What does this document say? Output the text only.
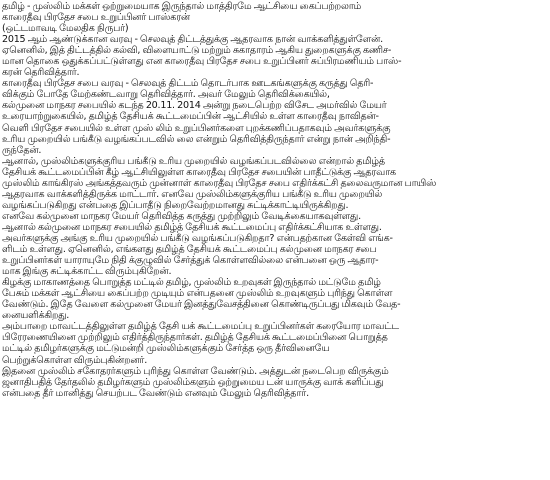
தமிழ் - முஸ்லிம் மக்கள் ஒற்றுமையாக இருந்தால் மாத்திரமே ஆட்சியை கைப்பற்றலாம்
காரைதீவு பிரதேச சபை உறுப்பினர் பாஸ்கரன்
(ஒட்டமாவடி மேலதிக நிருபர்)
2015 ஆம் ஆண்டுக்கான வரவு - செலவுத் திட்டத்துக்கு ஆதரவாக நான் வாக்களித்துள்ளேன்.
ஏனெனில், இத் திட்டத்தில் கல்வி, விளையாட்டு மற்றும் சுகாதாரம் ஆகிய துறைகளுக்கு கணிச-
மான தொகை ஒதுக்கப்பட்டுள்ளது என காரைதீவு பிரதேச சபை உறுப்பினர் சுப்பிரமணியம் பாஸ்-
கரன் தெரிவித்தார்.
காரைதீவு பிரதேச சபை வரவு - செலவுத் திட்டம் தொடர்பாக ஊடகங்களுக்கு கருத்து தெரி-
விக்கும் போதே மேற்கண்டவாறு தெரிவித்தார். அவர் மேலும் தெரிவிக்கையில்,
கல்முனை மாநகர சபையில் கடந்த 20.11. 2014 அன்று நடைபெற்ற விசேட அமர்வில் மேயர்
உரையாற்றுகையில், தமிழ்த் தேசியக் கூட்டமைப்பின் ஆட்சியில் உள்ள காரைதீவு நாவிதன்-
வெளி பிரதேச சபையில் உள்ள முஸ் லிம் உறுப்பினர்களை புறக்கணிப்பதாகவும் அவர்களுக்கு
உரிய முறையில் பங்கீடு வழங்கப்படவில் லை என்றும் தெரிவித்திருந்தார் என்று நான் அறிந்தி-
ருந்தேன்.
ஆனால், முஸ்லிம்களுக்குரிய பங்கீடு உரிய முறையில் வழங்கப்படவில்லை என்றால் தமிழ்த்
தேசியக் கூட்டமைப்பின் கீழ் ஆட்சியிலுள்ள காரைதீவு பிரதேச சபையின் பாதீட்டுக்கு ஆதரவாக
முஸ்லிம் காங்கிரஸ் அங்கத்தவரும் முன்னாள் காரைதீவு பிரதேச சபை எதிர்க்கட்சி தலைவருமான பாயிஸ்
ஆதரவாக வாக்களித்திருக்க மாட்டார். எனவே முஸ்லிம்களுக்குரிய பங்கீடு உரிய முறையில்
வழங்கப்படுகிறது என்பதை இப்பாதீடு நிறைவேற்றமானது சுட்டிக்காட்டியிருக்கிறது.
எனவே கல்முனை மாநகர மேயர் தெரிவித்த கருத்து முற்றிலும் வேடிக்கையாகவுள்ளது.
ஆனால் கல்முனை மாநகர சபையில் தமிழ்த் தேசியக் கூட்டமைப்பு எதிர்க்கட்சியாக உள்ளது.
அவர்களுக்கு அங்கு உரிய முறையில் பங்கீடு வழங்கப்படுகிறதா? என்பதற்கான கேள்வி எங்க-
ளிடம் உள்ளது. ஏனெனில், எங்களது தமிழ்த் தேசியக் கூட்டமைப்பு கல்முனை மாநகர சபை
உறுப்பினர்கள் யாராயுமே நிதி க்குழுவில் சேர்த்துக் கொள்ளவில்லை என்பனை ஒரு ஆதார-
மாக இங்கு சுட்டிக்காட்ட விரும்புகிறேன்.
கிழக்கு மாகாணத்தை பொறுத்த மட்டில் தமிழ், முஸ்லிம் உறவுகள் இருந்தால் மட்டுமே தமிழ்
பேசும் மக்கள் ஆட்சியை கைப்பற்ற முடியும் என்பதனை முஸ்லிம் உறவுகளும் புரிந்து கொள்ள
வேண்டும். இதே வேளை கல்முனை மேயர் இனத்துவேசத்தினை கொண்டிருப்பது மிகவும் வேத-
னையளிக்கிறது.
அம்பாறை மாவட்டத்திலுள்ள தமிழ்த் தேசி யக் கூட்டமைப்பு உறுப்பினர்கள் கரையோர மாவட்ட
பிரேரணையினை முற்றிலும் எதிர்த்திருந்தார்கள். தமிழ்த் தேசியக் கூட்டமைப்பினை பொறுத்த
மட்டில் தமிழர்களுக்கு மட்டுமன்றி முஸ்லிம்களுக்கும் சேர்த்த ஒரு தீர்வினையே
பெற்றுக்கொள்ள விரும்புகின்றனர்.
இதனை முஸ்லிம் சகோதரர்களும் புரிந்து கொள்ள வேண்டும். அத்துடன் நடைபெற விருக்கும்
ஜனாதிபதித் தேர்தலில் தமிழர்களும் முஸ்லிம்களும் ஒற்றுமைய டன் யாருக்கு வாக் களிப்பது
என்பதை தீர் மானித்து செயற்பட வேண்டும் எனவும் மேலும் தெரிவித்தார்.
